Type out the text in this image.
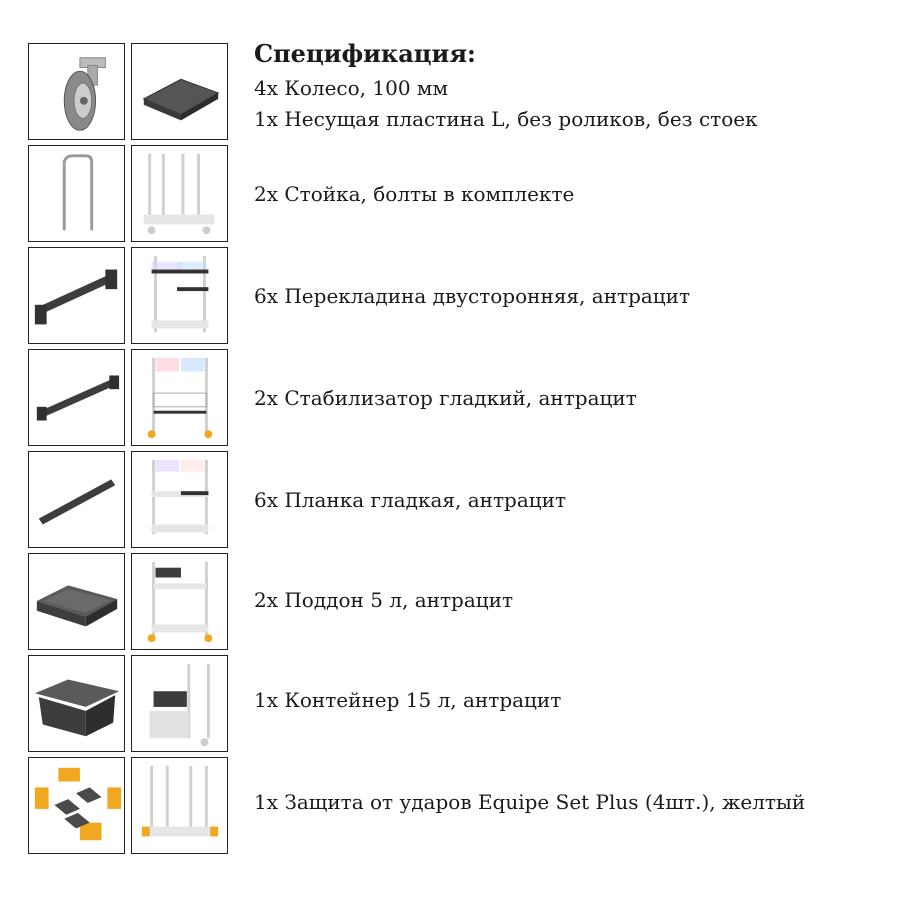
Спецификация:
4x Колесо, 100 мм
1x Несущая пластина L, без роликов, без стоек
2x Стойка, болты в комплекте
6x Перекладина двусторонняя, антрацит
2x Стабилизатор гладкий, антрацит
6x Планка гладкая, антрацит
2x Поддон 5 л, антрацит
1x Контейнер 15 л, антрацит
1x Защита от ударов Equipe Set Plus (4шт.), желтый
